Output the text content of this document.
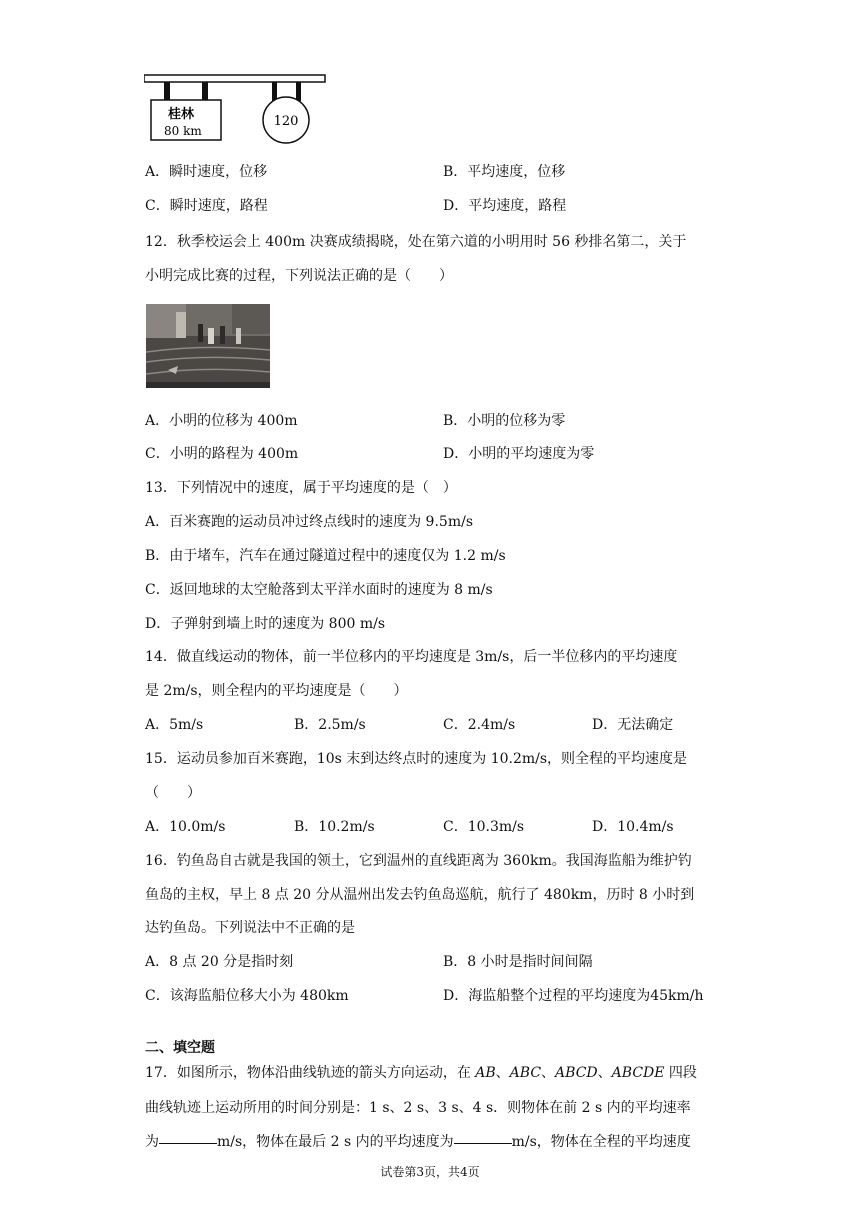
桂林
80 km
120
A．瞬时速度，位移	B．平均速度，位移
C．瞬时速度，路程	D．平均速度，路程
12．秋季校运会上 400m 决赛成绩揭晓，处在第六道的小明用时 56 秒排名第二，关于
小明完成比赛的过程，下列说法正确的是（　　）
A．小明的位移为 400m	B．小明的位移为零
C．小明的路程为 400m	D．小明的平均速度为零
13．下列情况中的速度，属于平均速度的是（　）
A．百米赛跑的运动员冲过终点线时的速度为 9.5m/s
B．由于堵车，汽车在通过隧道过程中的速度仅为 1.2 m/s
C．返回地球的太空舱落到太平洋水面时的速度为 8 m/s
D．子弹射到墙上时的速度为 800 m/s
14．做直线运动的物体，前一半位移内的平均速度是 3m/s，后一半位移内的平均速度
是 2m/s，则全程内的平均速度是（　　）
A．5m/s	B．2.5m/s	C．2.4m/s	D．无法确定
15．运动员参加百米赛跑，10s 末到达终点时的速度为 10.2m/s，则全程的平均速度是
（　　）
A．10.0m/s	B．10.2m/s	C．10.3m/s	D．10.4m/s
16．钓鱼岛自古就是我国的领土，它到温州的直线距离为 360km。我国海监船为维护钓
鱼岛的主权，早上 8 点 20 分从温州出发去钓鱼岛巡航，航行了 480km，历时 8 小时到
达钓鱼岛。下列说法中不正确的是
A．8 点 20 分是指时刻	B．8 小时是指时间间隔
C．该海监船位移大小为 480km	D．海监船整个过程的平均速度为45km/h
二、填空题
17．如图所示，物体沿曲线轨迹的箭头方向运动，在 AB、ABC、ABCD、ABCDE 四段
曲线轨迹上运动所用的时间分别是：1 s、2 s、3 s、4 s．则物体在前 2 s 内的平均速率
为	m/s，物体在最后 2 s 内的平均速度为	m/s，物体在全程的平均速度
试卷第3页，共4页
